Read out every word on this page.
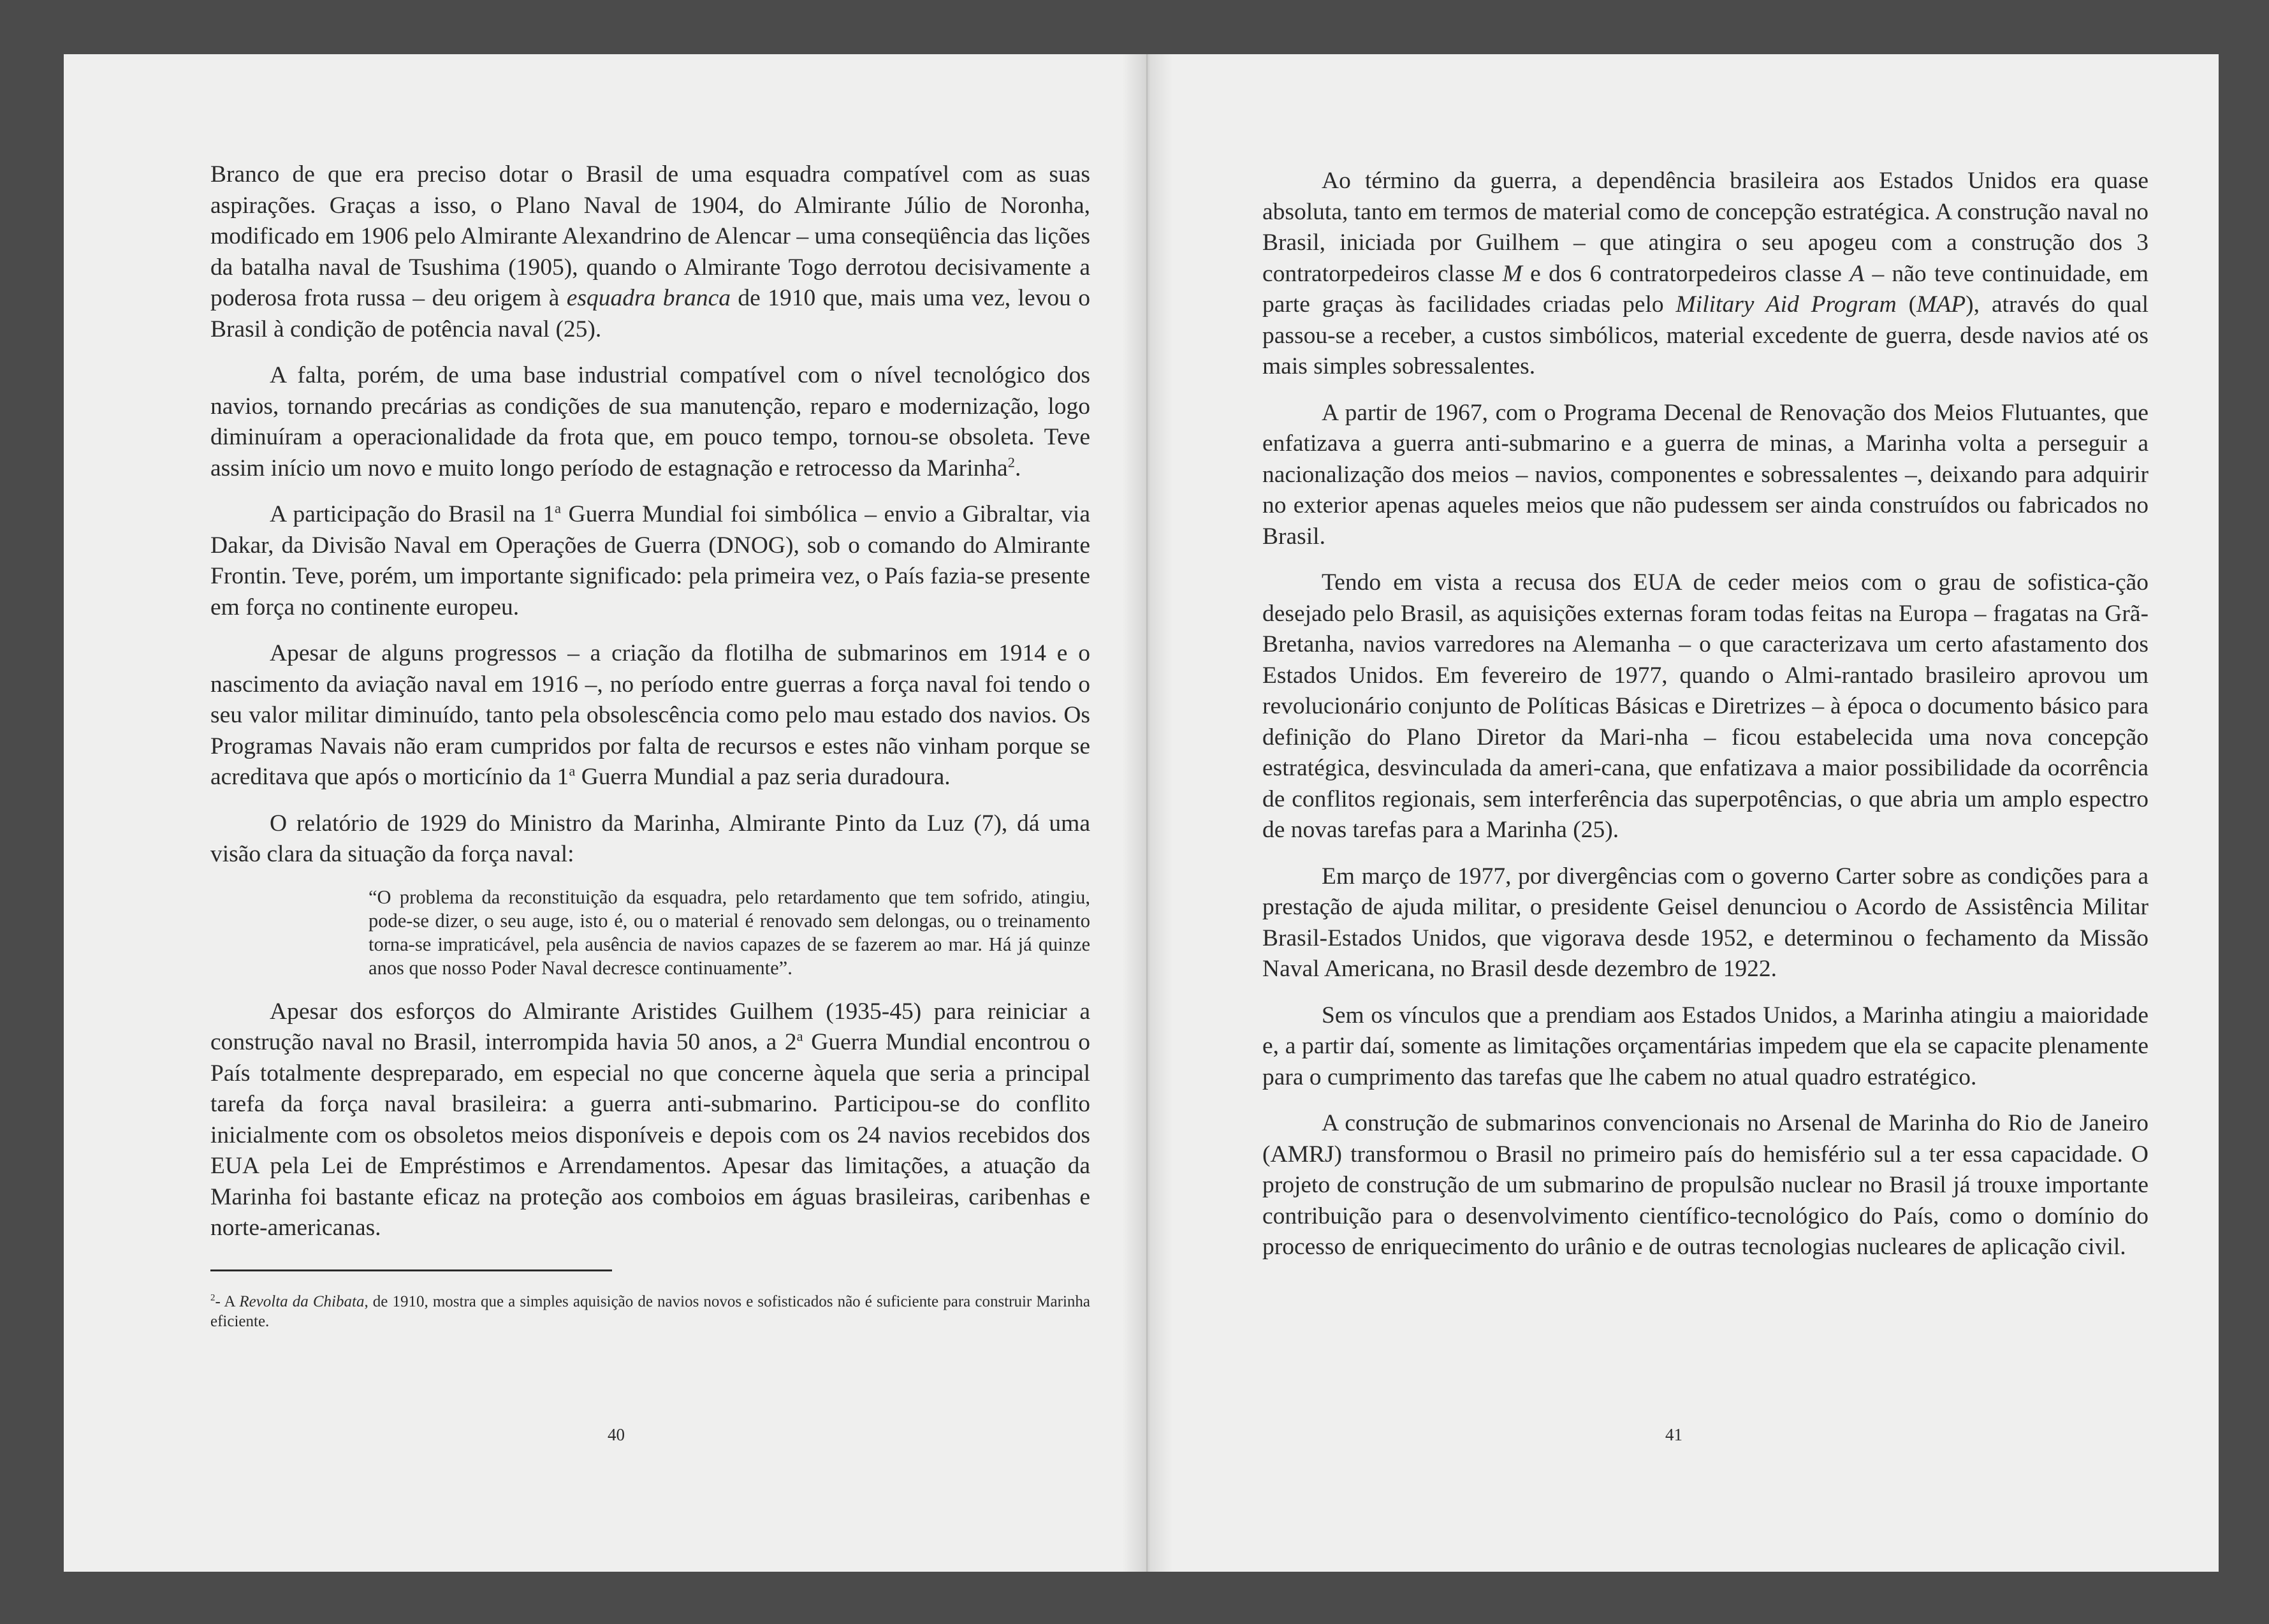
Branco de que era preciso dotar o Brasil de uma esquadra compatível com as suas aspirações. Graças a isso, o Plano Naval de 1904, do Almirante Júlio de Noronha, modificado em 1906 pelo Almirante Alexandrino de Alencar – uma conseqüência das lições da batalha naval de Tsushima (1905), quando o Almirante Togo derrotou decisivamente a poderosa frota russa – deu origem à esquadra branca de 1910 que, mais uma vez, levou o Brasil à condição de potência naval (25).

A falta, porém, de uma base industrial compatível com o nível tecnológico dos navios, tornando precárias as condições de sua manutenção, reparo e modernização, logo diminuíram a operacionalidade da frota que, em pouco tempo, tornou-se obsoleta. Teve assim início um novo e muito longo período de estagnação e retrocesso da Marinha$^2$.

A participação do Brasil na 1$^a$ Guerra Mundial foi simbólica – envio a Gibraltar, via Dakar, da Divisão Naval em Operações de Guerra (DNOG), sob o comando do Almirante Frontin. Teve, porém, um importante significado: pela primeira vez, o País fazia-se presente em força no continente europeu.

Apesar de alguns progressos – a criação da flotilha de submarinos em 1914 e o nascimento da aviação naval em 1916 –, no período entre guerras a força naval foi tendo o seu valor militar diminuído, tanto pela obsolescência como pelo mau estado dos navios. Os Programas Navais não eram cumpridos por falta de recursos e estes não vinham porque se acreditava que após o morticínio da 1$^a$ Guerra Mundial a paz seria duradoura.

O relatório de 1929 do Ministro da Marinha, Almirante Pinto da Luz (7), dá uma visão clara da situação da força naval:

“O problema da reconstituição da esquadra, pelo retardamento que tem sofrido, atingiu, pode-se dizer, o seu auge, isto é, ou o material é renovado sem delongas, ou o treinamento torna-se impraticável, pela ausência de navios capazes de se fazerem ao mar. Há já quinze anos que nosso Poder Naval decresce continuamente”.

Apesar dos esforços do Almirante Aristides Guilhem (1935-45) para reiniciar a construção naval no Brasil, interrompida havia 50 anos, a 2$^a$ Guerra Mundial encontrou o País totalmente despreparado, em especial no que concerne àquela que seria a principal tarefa da força naval brasileira: a guerra anti-submarino. Participou-se do conflito inicialmente com os obsoletos meios disponíveis e depois com os 24 navios recebidos dos EUA pela Lei de Empréstimos e Arrendamentos. Apesar das limitações, a atuação da Marinha foi bastante eficaz na proteção aos comboios em águas brasileiras, caribenhas e norte-americanas.

$^2$- A Revolta da Chibata, de 1910, mostra que a simples aquisição de navios novos e sofisticados não é suficiente para construir Marinha eficiente.

40

Ao término da guerra, a dependência brasileira aos Estados Unidos era quase absoluta, tanto em termos de material como de concepção estratégica. A construção naval no Brasil, iniciada por Guilhem – que atingira o seu apogeu com a construção dos 3 contratorpedeiros classe M e dos 6 contratorpedeiros classe A – não teve continuidade, em parte graças às facilidades criadas pelo Military Aid Program (MAP), através do qual passou-se a receber, a custos simbólicos, material excedente de guerra, desde navios até os mais simples sobressalentes.

A partir de 1967, com o Programa Decenal de Renovação dos Meios Flutuantes, que enfatizava a guerra anti-submarino e a guerra de minas, a Marinha volta a perseguir a nacionalização dos meios – navios, componentes e sobressalentes –, deixando para adquirir no exterior apenas aqueles meios que não pudessem ser ainda construídos ou fabricados no Brasil.

Tendo em vista a recusa dos EUA de ceder meios com o grau de sofistica-ção desejado pelo Brasil, as aquisições externas foram todas feitas na Europa – fragatas na Grã-Bretanha, navios varredores na Alemanha – o que caracterizava um certo afastamento dos Estados Unidos. Em fevereiro de 1977, quando o Almi-rantado brasileiro aprovou um revolucionário conjunto de Políticas Básicas e Diretrizes – à época o documento básico para definição do Plano Diretor da Mari-nha – ficou estabelecida uma nova concepção estratégica, desvinculada da ameri-cana, que enfatizava a maior possibilidade da ocorrência de conflitos regionais, sem interferência das superpotências, o que abria um amplo espectro de novas tarefas para a Marinha (25).

Em março de 1977, por divergências com o governo Carter sobre as condições para a prestação de ajuda militar, o presidente Geisel denunciou o Acordo de Assistência Militar Brasil-Estados Unidos, que vigorava desde 1952, e determinou o fechamento da Missão Naval Americana, no Brasil desde dezembro de 1922.

Sem os vínculos que a prendiam aos Estados Unidos, a Marinha atingiu a maioridade e, a partir daí, somente as limitações orçamentárias impedem que ela se capacite plenamente para o cumprimento das tarefas que lhe cabem no atual quadro estratégico.

A construção de submarinos convencionais no Arsenal de Marinha do Rio de Janeiro (AMRJ) transformou o Brasil no primeiro país do hemisfério sul a ter essa capacidade. O projeto de construção de um submarino de propulsão nuclear no Brasil já trouxe importante contribuição para o desenvolvimento científico-tecnológico do País, como o domínio do processo de enriquecimento do urânio e de outras tecnologias nucleares de aplicação civil.

41
